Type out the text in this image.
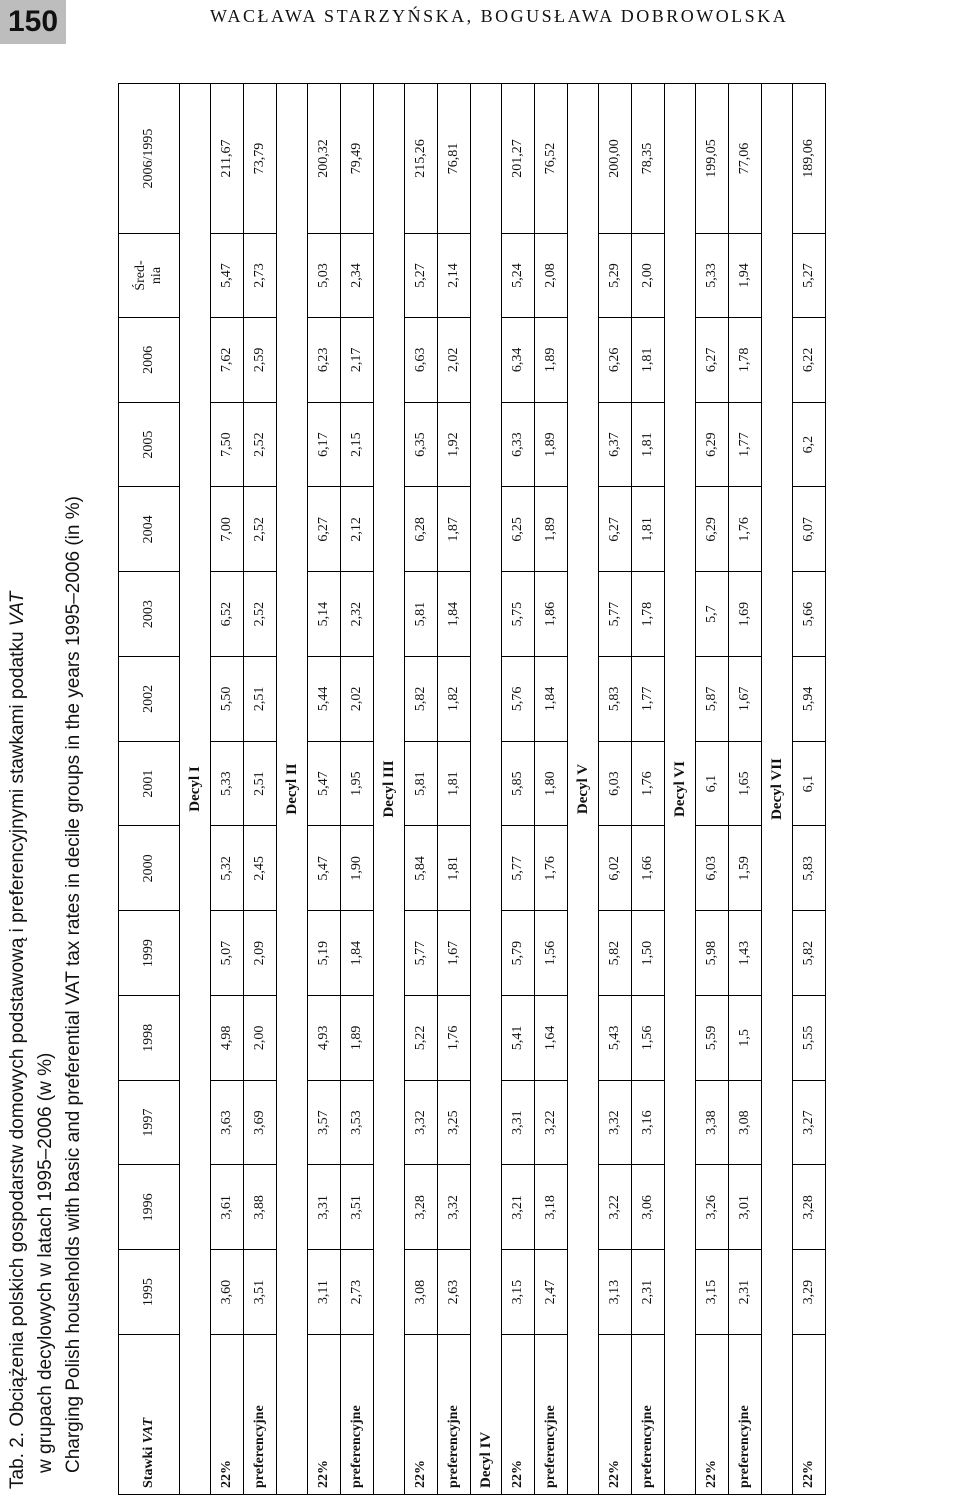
150	WACŁAWA STARZYŃSKA, BOGUSŁAWA DOBROWOLSKA
Tab. 2. Obciążenia polskich gospodarstw domowych podstawową i preferencyjnymi stawkami podatku VAT
w grupach decylowych w latach 1995–2006 (w %) Charging Polish households with basic and preferential VAT tax rates in decile groups in the years 1995–2006 (in %)	Stawki VAT	1995	1996	1997	1998	1999	2000	2001	2002	2003	2004	2005	2006	Śred- nia	2006/1995
Decyl I														
22%	3,60	3,61	3,63	4,98	5,07	5,32	5,33	5,50	6,52	7,00	7,50	7,62	5,47	211,67
preferencyjne	3,51	3,88	3,69	2,00	2,09	2,45	2,51	2,51	2,52	2,52	2,52	2,59	2,73	73,79
Decyl II														
22%	3,11	3,31	3,57	4,93	5,19	5,47	5,47	5,44	5,14	6,27	6,17	6,23	5,03	200,32
preferencyjne	2,73	3,51	3,53	1,89	1,84	1,90	1,95	2,02	2,32	2,12	2,15	2,17	2,34	79,49
Decyl III														
22%	3,08	3,28	3,32	5,22	5,77	5,84	5,81	5,82	5,81	6,28	6,35	6,63	5,27	215,26
preferencyjne	2,63	3,32	3,25	1,76	1,67	1,81	1,81	1,82	1,84	1,87	1,92	2,02	2,14	76,81
Decyl IV														
22%	3,15	3,21	3,31	5,41	5,79	5,77	5,85	5,76	5,75	6,25	6,33	6,34	5,24	201,27
preferencyjne	2,47	3,18	3,22	1,64	1,56	1,76	1,80	1,84	1,86	1,89	1,89	1,89	2,08	76,52
Decyl V														
22%	3,13	3,22	3,32	5,43	5,82	6,02	6,03	5,83	5,77	6,27	6,37	6,26	5,29	200,00
preferencyjne	2,31	3,06	3,16	1,56	1,50	1,66	1,76	1,77	1,78	1,81	1,81	1,81	2,00	78,35
Decyl VI														
22%	3,15	3,26	3,38	5,59	5,98	6,03	6,1	5,87	5,7	6,29	6,29	6,27	5,33	199,05
preferencyjne	2,31	3,01	3,08	1,5	1,43	1,59	1,65	1,67	1,69	1,76	1,77	1,78	1,94	77,06
Decyl VII														
22%	3,29	3,28	3,27	5,55	5,82	5,83	6,1	5,94	5,66	6,07	6,2	6,22	5,27	189,06
